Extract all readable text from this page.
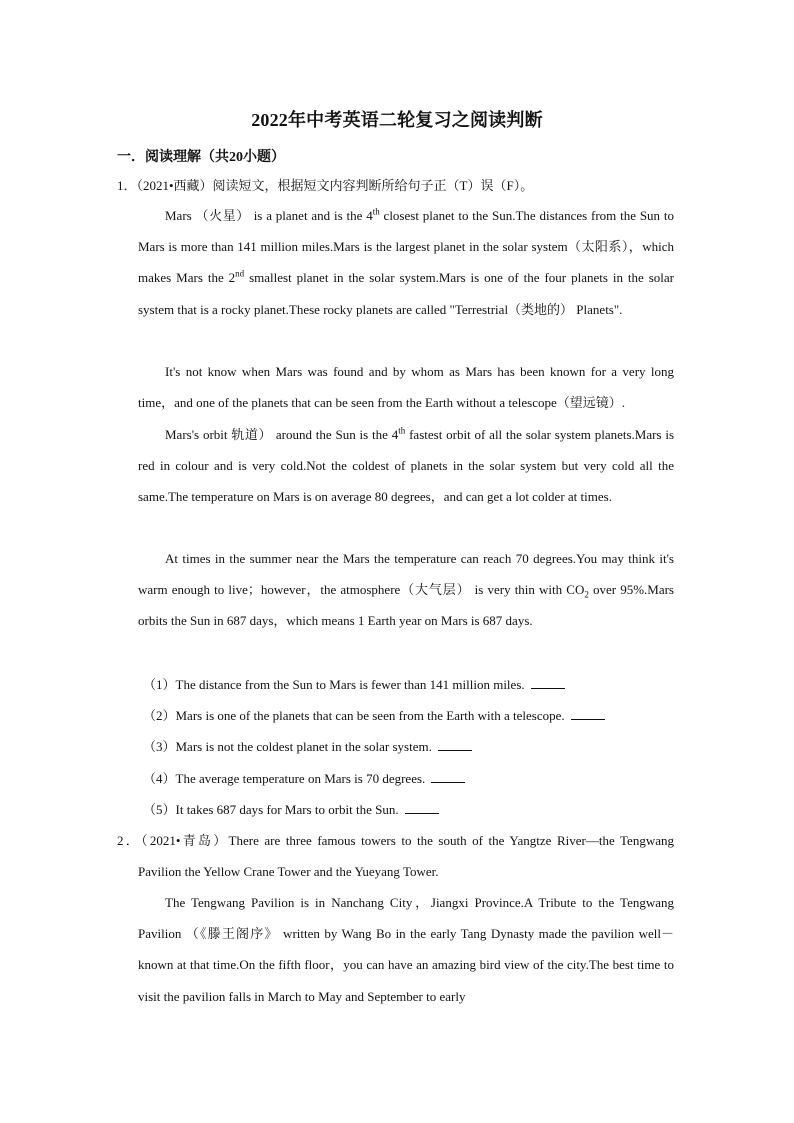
2022年中考英语二轮复习之阅读判断
一．阅读理解（共20小题）
1．（2021•西藏）阅读短文，根据短文内容判断所给句子正（T）误（F）。
Mars （火星） is a planet and is the 4th closest planet to the Sun.The distances from the Sun to Mars is more than 141 million miles.Mars is the largest planet in the solar system（太阳系），which makes Mars the 2nd smallest planet in the solar system.Mars is one of the four planets in the solar system that is a rocky planet.These rocky planets are called "Terrestrial（类地的） Planets".
It's not know when Mars was found and by whom as Mars has been known for a very long time，and one of the planets that can be seen from the Earth without a telescope（望远镜）.
Mars's orbit 轨道） around the Sun is the 4th fastest orbit of all the solar system planets.Mars is red in colour and is very cold.Not the coldest of planets in the solar system but very cold all the same.The temperature on Mars is on average 80 degrees，and can get a lot colder at times.
At times in the summer near the Mars the temperature can reach 70 degrees.You may think it's warm enough to live；however，the atmosphere（大气层） is very thin with $CO_2$ over 95%.Mars orbits the Sun in 687 days，which means 1 Earth year on Mars is 687 days.
（1）The distance from the Sun to Mars is fewer than 141 million miles.
（2）Mars is one of the planets that can be seen from the Earth with a telescope.
（3）Mars is not the coldest planet in the solar system.
（4）The average temperature on Mars is 70 degrees.
（5）It takes 687 days for Mars to orbit the Sun.
2．（2021•青岛）There are three famous towers to the south of the Yangtze River—the Tengwang Pavilion the Yellow Crane Tower and the Yueyang Tower.
The Tengwang Pavilion is in Nanchang City，Jiangxi Province.A Tribute to the Tengwang Pavilion （《滕王阁序》 written by Wang Bo in the early Tang Dynasty made the pavilion well－known at that time.On the fifth floor，you can have an amazing bird view of the city.The best time to visit the pavilion falls in March to May and September to early
